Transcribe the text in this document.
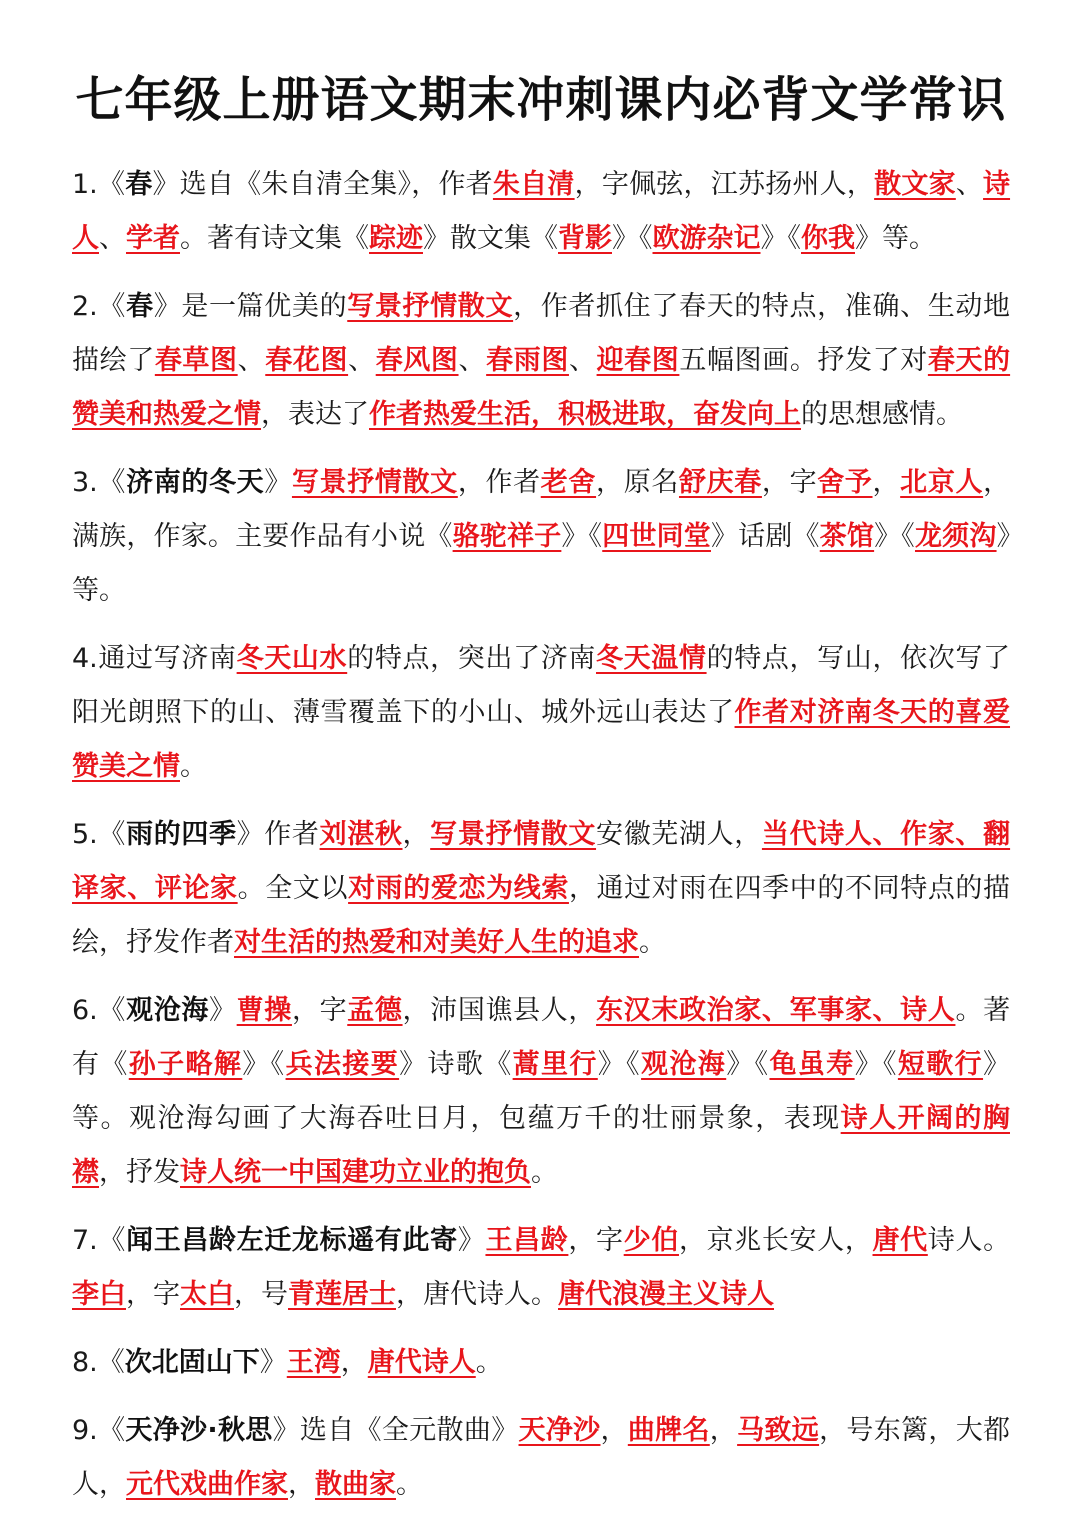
七年级上册语文期末冲刺课内必背文学常识

1.《春》选自《朱自清全集》，作者朱自清，字佩弦，江苏扬州人，散文家、诗人、学者。著有诗文集《踪迹》散文集《背影》《欧游杂记》《你我》等。

2.《春》是一篇优美的写景抒情散文，作者抓住了春天的特点，准确、生动地描绘了春草图、春花图、春风图、春雨图、迎春图五幅图画。抒发了对春天的赞美和热爱之情，表达了作者热爱生活，积极进取，奋发向上的思想感情。

3.《济南的冬天》写景抒情散文，作者老舍，原名舒庆春，字舍予，北京人，满族，作家。主要作品有小说《骆驼祥子》《四世同堂》话剧《茶馆》《龙须沟》等。

4.通过写济南冬天山水的特点，突出了济南冬天温情的特点，写山，依次写了阳光朗照下的山、薄雪覆盖下的小山、城外远山表达了作者对济南冬天的喜爱赞美之情。

5.《雨的四季》作者刘湛秋，写景抒情散文安徽芜湖人，当代诗人、作家、翻译家、评论家。全文以对雨的爱恋为线索，通过对雨在四季中的不同特点的描绘，抒发作者对生活的热爱和对美好人生的追求。

6.《观沧海》曹操，字孟德，沛国谯县人，东汉末政治家、军事家、诗人。著有《孙子略解》《兵法接要》诗歌《蒿里行》《观沧海》《龟虽寿》《短歌行》等。观沧海勾画了大海吞吐日月，包蕴万千的壮丽景象，表现诗人开阔的胸襟，抒发诗人统一中国建功立业的抱负。

7.《闻王昌龄左迁龙标遥有此寄》王昌龄，字少伯，京兆长安人，唐代诗人。李白，字太白，号青莲居士，唐代诗人。唐代浪漫主义诗人

8.《次北固山下》王湾，唐代诗人。

9.《天净沙·秋思》选自《全元散曲》天净沙，曲牌名，马致远，号东篱，大都人，元代戏曲作家，散曲家。
